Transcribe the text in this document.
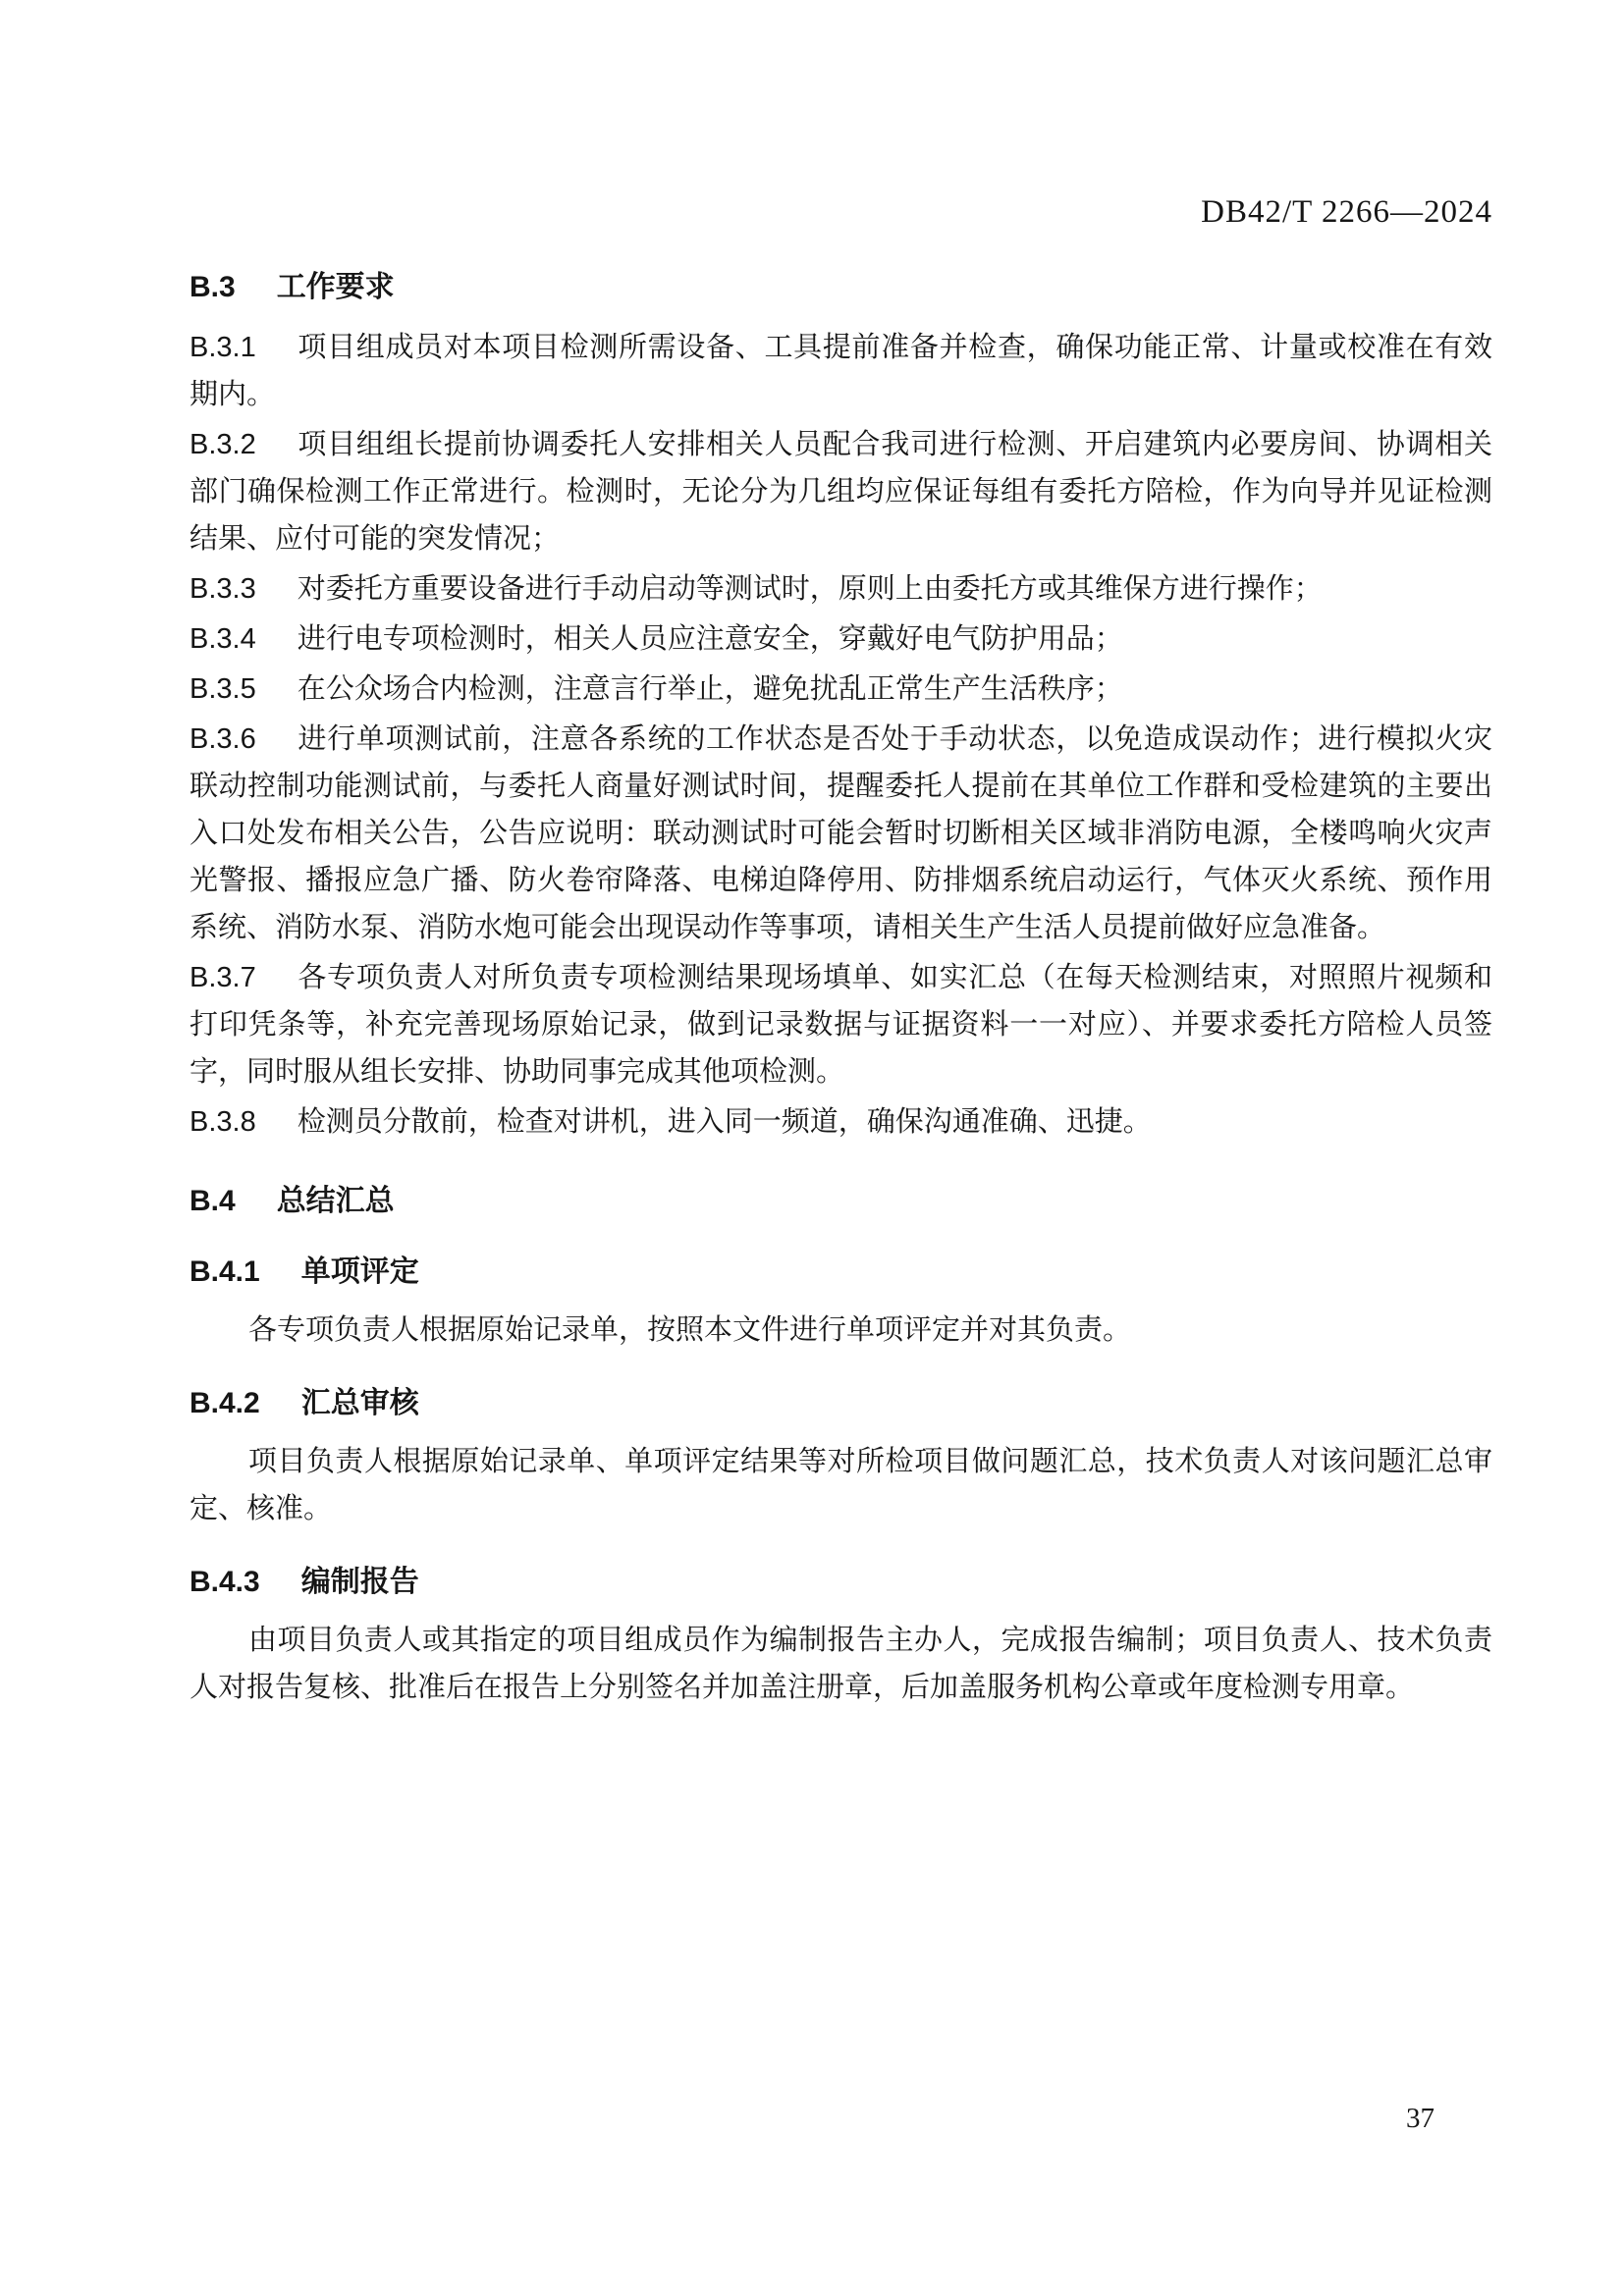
DB42/T 2266—2024
B.3 工作要求

B.3.1 项目组成员对本项目检测所需设备、工具提前准备并检查，确保功能正常、计量或校准在有效期内。

B.3.2 项目组组长提前协调委托人安排相关人员配合我司进行检测、开启建筑内必要房间、协调相关部门确保检测工作正常进行。检测时，无论分为几组均应保证每组有委托方陪检，作为向导并见证检测结果、应付可能的突发情况；

B.3.3 对委托方重要设备进行手动启动等测试时，原则上由委托方或其维保方进行操作；

B.3.4 进行电专项检测时，相关人员应注意安全，穿戴好电气防护用品；

B.3.5 在公众场合内检测，注意言行举止，避免扰乱正常生产生活秩序；

B.3.6 进行单项测试前，注意各系统的工作状态是否处于手动状态，以免造成误动作；进行模拟火灾联动控制功能测试前，与委托人商量好测试时间，提醒委托人提前在其单位工作群和受检建筑的主要出入口处发布相关公告，公告应说明：联动测试时可能会暂时切断相关区域非消防电源，全楼鸣响火灾声光警报、播报应急广播、防火卷帘降落、电梯迫降停用、防排烟系统启动运行，气体灭火系统、预作用系统、消防水泵、消防水炮可能会出现误动作等事项，请相关生产生活人员提前做好应急准备。

B.3.7 各专项负责人对所负责专项检测结果现场填单、如实汇总（在每天检测结束，对照照片视频和打印凭条等，补充完善现场原始记录，做到记录数据与证据资料一一对应）、并要求委托方陪检人员签字，同时服从组长安排、协助同事完成其他项检测。

B.3.8 检测员分散前，检查对讲机，进入同一频道，确保沟通准确、迅捷。

B.4 总结汇总
B.4.1 单项评定

各专项负责人根据原始记录单，按照本文件进行单项评定并对其负责。

B.4.2 汇总审核

项目负责人根据原始记录单、单项评定结果等对所检项目做问题汇总，技术负责人对该问题汇总审定、核准。

B.4.3 编制报告

由项目负责人或其指定的项目组成员作为编制报告主办人，完成报告编制；项目负责人、技术负责人对报告复核、批准后在报告上分别签名并加盖注册章，后加盖服务机构公章或年度检测专用章。

37
